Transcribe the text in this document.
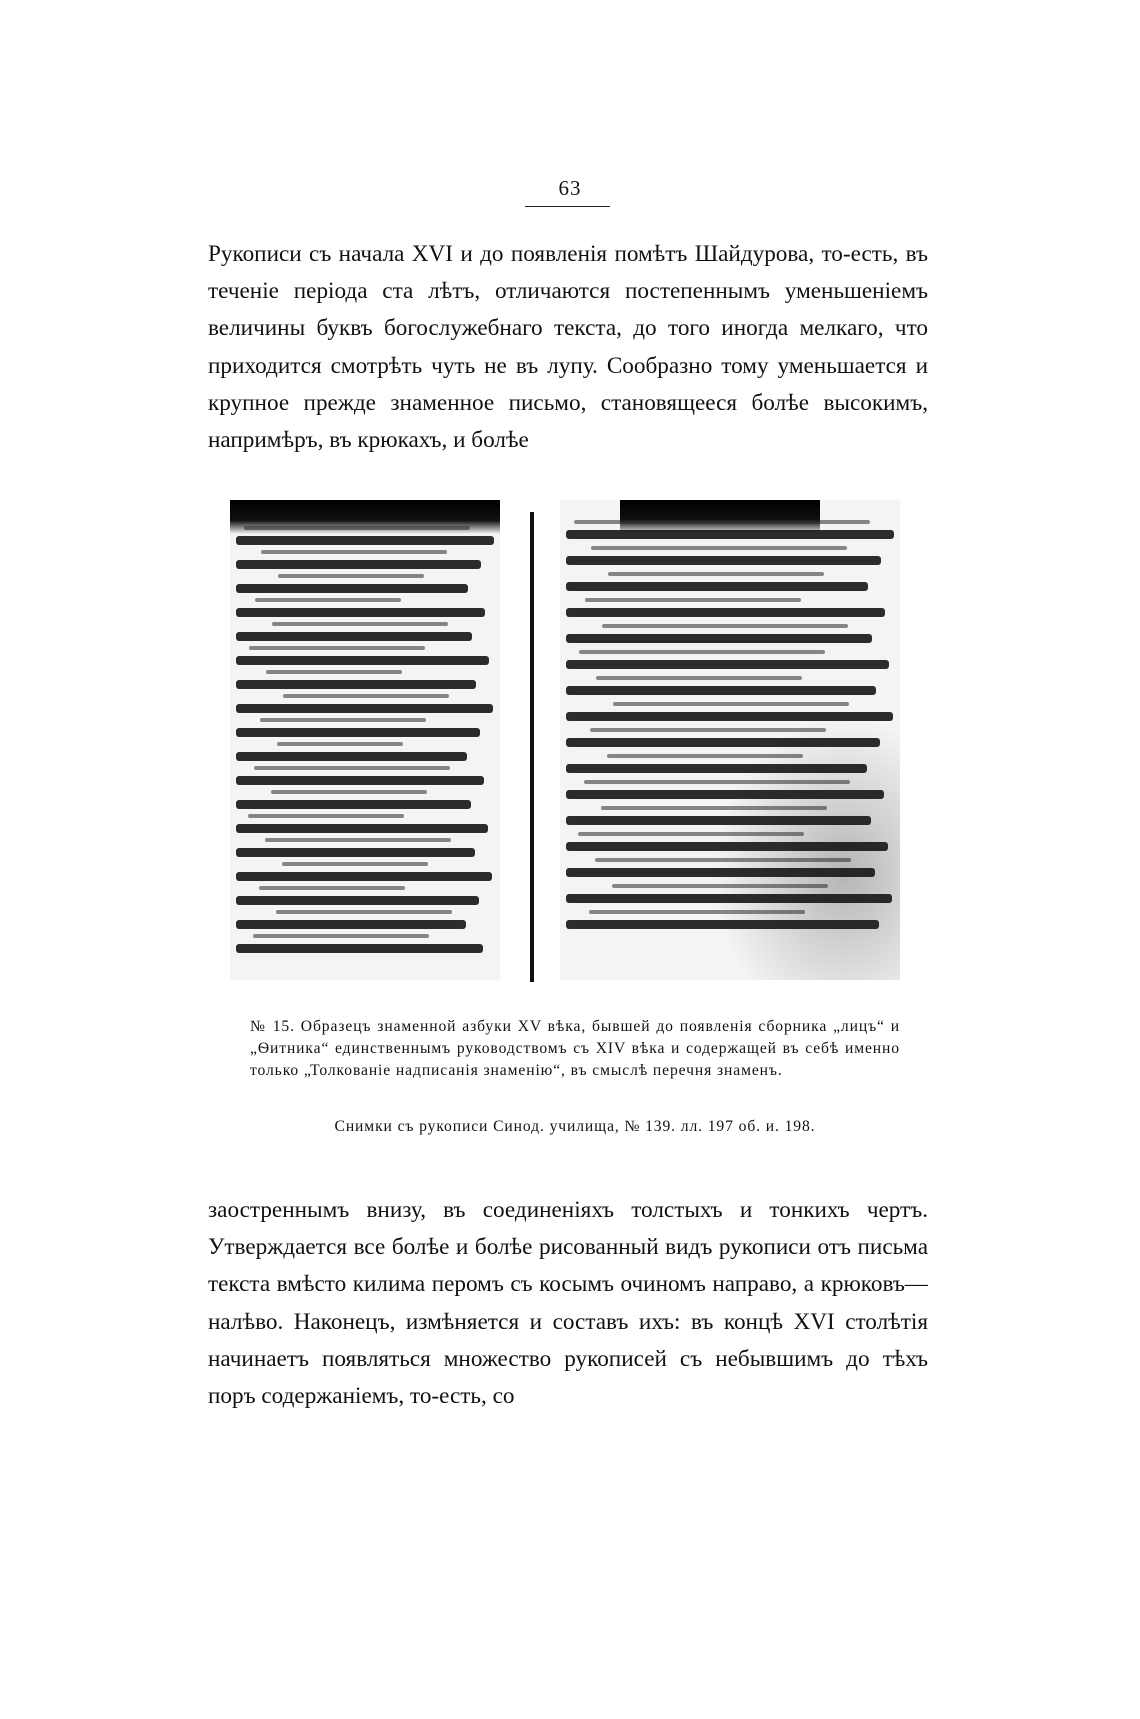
63

Рукописи съ начала XVI и до появленія помѣтъ Шайдурова, то-есть, въ теченіе періода ста лѣтъ, отличаются постепеннымъ уменьшеніемъ величины буквъ богослужебнаго текста, до того иногда мелкаго, что приходится смотрѣть чуть не въ лупу. Сообразно тому уменьшается и крупное прежде знаменное письмо, становящееся болѣе высокимъ, напримѣръ, въ крюкахъ, и болѣе

№ 15. Образецъ знаменной азбуки XV вѣка, бывшей до появленія сборника „лицъ“ и „Ѳитника“ единственнымъ руководствомъ съ XIV вѣка и содержащей въ себѣ именно только „Толкованіе надписанія знаменію“, въ смыслѣ перечня знаменъ.

Снимки съ рукописи Синод. училища, № 139. лл. 197 об. и. 198.

заостреннымъ внизу, въ соединеніяхъ толстыхъ и тонкихъ чертъ. Утверждается все болѣе и болѣе рисованный видъ рукописи отъ письма текста вмѣсто килима перомъ съ косымъ очиномъ направо, а крюковъ—налѣво. Наконецъ, измѣняется и составъ ихъ: въ концѣ XVI столѣтія начинаетъ появляться множество рукописей съ небывшимъ до тѣхъ поръ содержаніемъ, то-есть, со
